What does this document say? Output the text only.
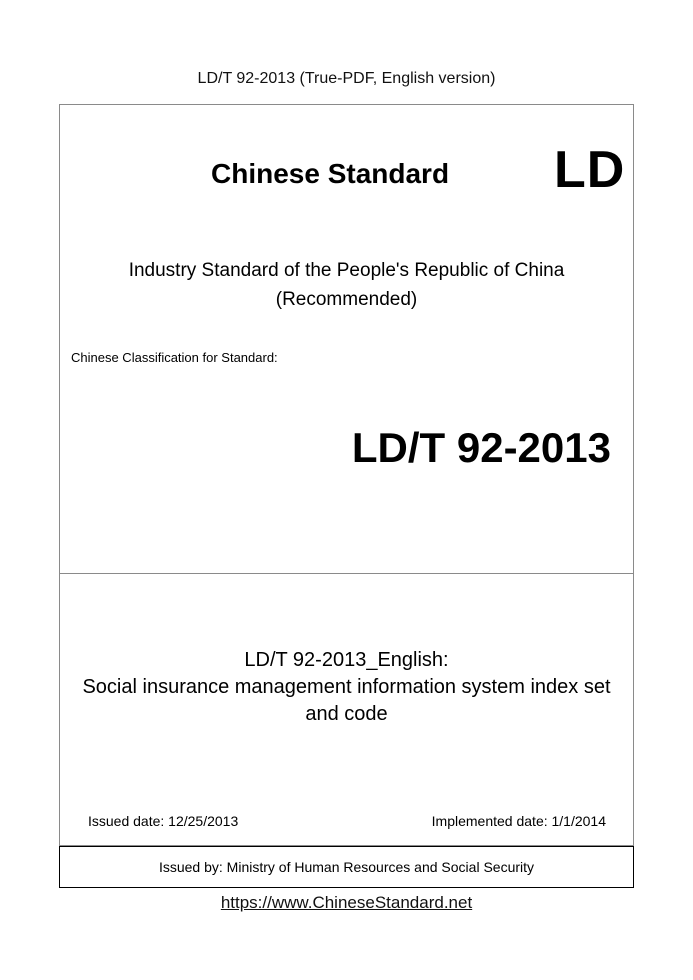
LD/T 92-2013 (True-PDF, English version)
Issued by: Ministry of Human Resources and Social Security
Chinese Standard LD
Industry Standard of the People's Republic of China
(Recommended)
Chinese Classification for Standard:
LD/T 92-2013
LD/T 92-2013_English:
Social insurance management information system index set
and code
Issued date: 12/25/2013	Implemented date: 1/1/2014
https://www.ChineseStandard.net
